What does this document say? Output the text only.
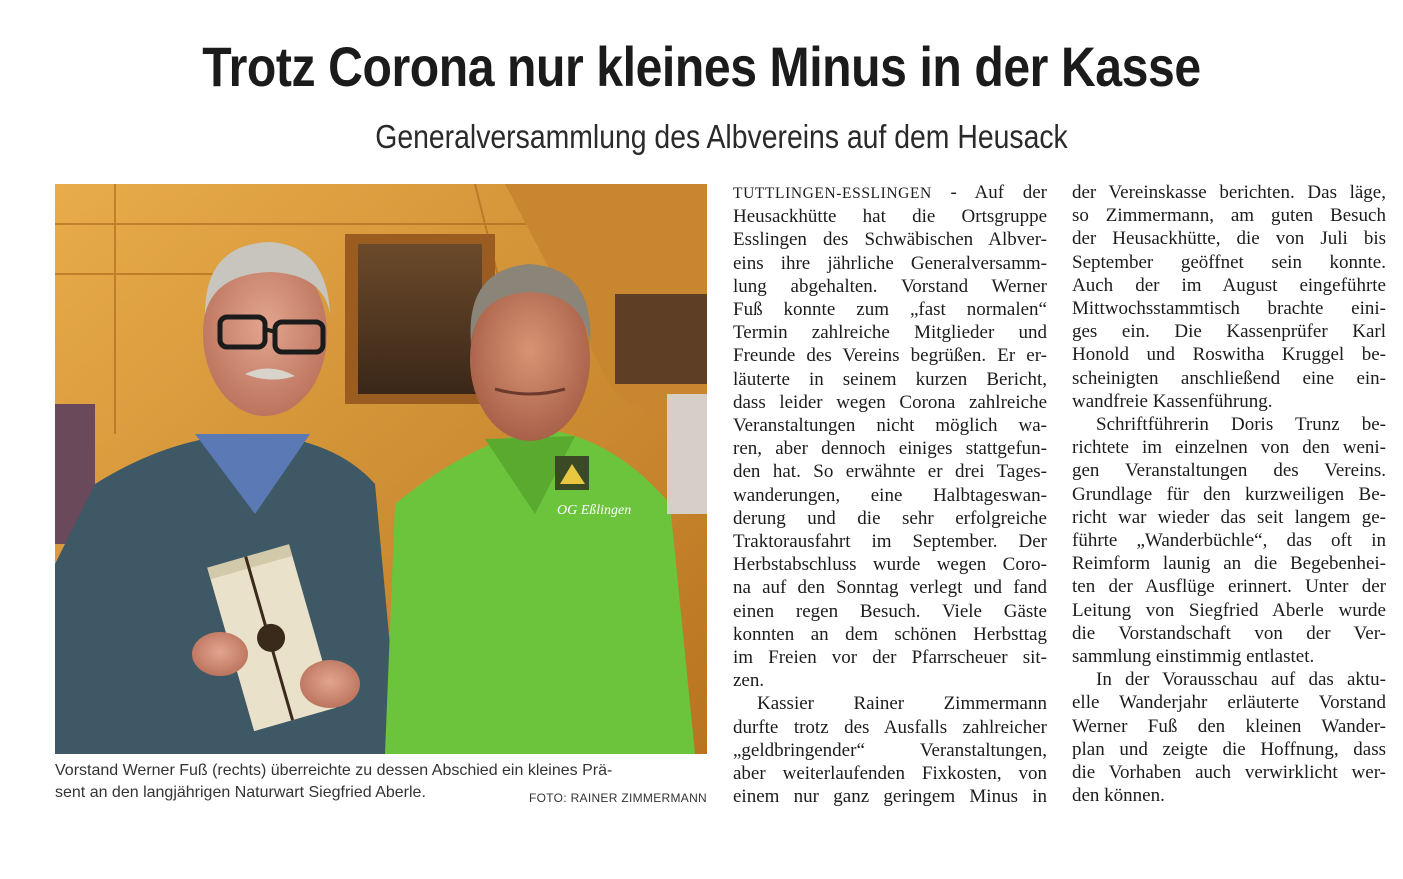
Trotz Corona nur kleines Minus in der Kasse
Generalversammlung des Albvereins auf dem Heusack
OG Eßlingen
Vorstand Werner Fuß (rechts) überreichte zu dessen Abschied ein kleines Prä-
sent an den langjährigen Naturwart Siegfried Aberle.	FOTO: RAINER ZIMMERMANN
TUTTLINGEN-ESSLINGEN - Auf der
Heusackhütte hat die Ortsgruppe
Esslingen des Schwäbischen Albver-
eins ihre jährliche Generalversamm-
lung abgehalten. Vorstand Werner
Fuß konnte zum „fast normalen“
Termin zahlreiche Mitglieder und
Freunde des Vereins begrüßen. Er er-
läuterte in seinem kurzen Bericht,
dass leider wegen Corona zahlreiche
Veranstaltungen nicht möglich wa-
ren, aber dennoch einiges stattgefun-
den hat. So erwähnte er drei Tages-
wanderungen, eine Halbtageswan-
derung und die sehr erfolgreiche
Traktorausfahrt im September. Der
Herbstabschluss wurde wegen Coro-
na auf den Sonntag verlegt und fand
einen regen Besuch. Viele Gäste
konnten an dem schönen Herbsttag
im Freien vor der Pfarrscheuer sit-
zen.
Kassier Rainer Zimmermann
durfte trotz des Ausfalls zahlreicher
„geldbringender“ Veranstaltungen,
aber weiterlaufenden Fixkosten, von
einem nur ganz geringem Minus in
der Vereinskasse berichten. Das läge,
so Zimmermann, am guten Besuch
der Heusackhütte, die von Juli bis
September geöffnet sein konnte.
Auch der im August eingeführte
Mittwochsstammtisch brachte eini-
ges ein. Die Kassenprüfer Karl
Honold und Roswitha Kruggel be-
scheinigten anschließend eine ein-
wandfreie Kassenführung.
Schriftführerin Doris Trunz be-
richtete im einzelnen von den weni-
gen Veranstaltungen des Vereins.
Grundlage für den kurzweiligen Be-
richt war wieder das seit langem ge-
führte „Wanderbüchle“, das oft in
Reimform launig an die Begebenhei-
ten der Ausflüge erinnert. Unter der
Leitung von Siegfried Aberle wurde
die Vorstandschaft von der Ver-
sammlung einstimmig entlastet.
In der Vorausschau auf das aktu-
elle Wanderjahr erläuterte Vorstand
Werner Fuß den kleinen Wander-
plan und zeigte die Hoffnung, dass
die Vorhaben auch verwirklicht wer-
den können.
